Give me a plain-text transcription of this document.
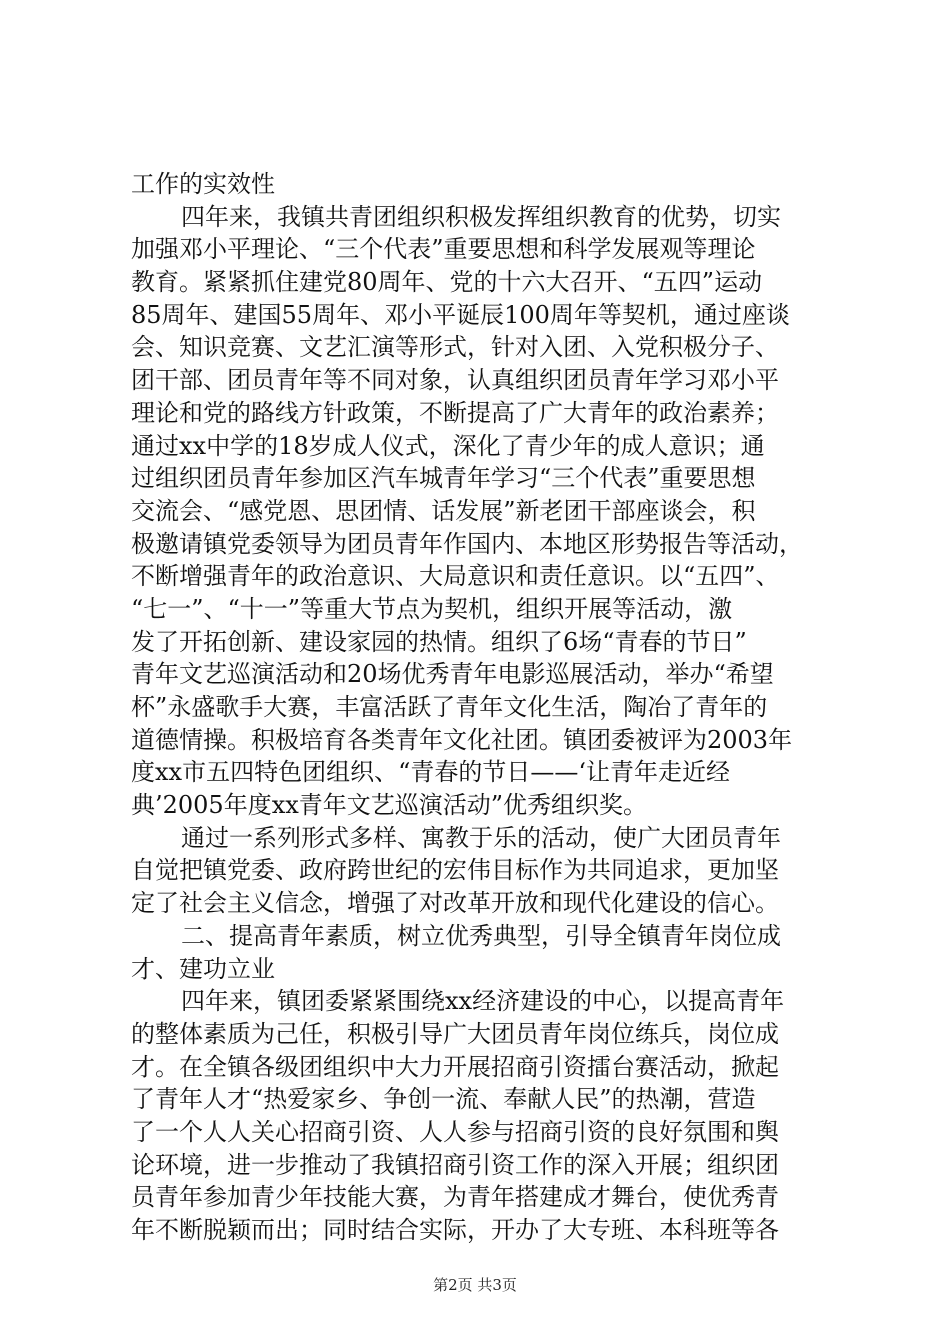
工作的实效性
四年来，我镇共青团组织积极发挥组织教育的优势，切实
加强邓小平理论、“三个代表”重要思想和科学发展观等理论
教育。紧紧抓住建党80周年、党的十六大召开、“五四”运动
85周年、建国55周年、邓小平诞辰100周年等契机，通过座谈
会、知识竞赛、文艺汇演等形式，针对入团、入党积极分子、
团干部、团员青年等不同对象，认真组织团员青年学习邓小平
理论和党的路线方针政策，不断提高了广大青年的政治素养；
通过xx中学的18岁成人仪式，深化了青少年的成人意识；通
过组织团员青年参加区汽车城青年学习“三个代表”重要思想
交流会、“感党恩、思团情、话发展”新老团干部座谈会，积
极邀请镇党委领导为团员青年作国内、本地区形势报告等活动，
不断增强青年的政治意识、大局意识和责任意识。以“五四”、
“七一”、“十一”等重大节点为契机，组织开展等活动，激
发了开拓创新、建设家园的热情。组织了6场“青春的节日”
青年文艺巡演活动和20场优秀青年电影巡展活动，举办“希望
杯”永盛歌手大赛，丰富活跃了青年文化生活，陶冶了青年的
道德情操。积极培育各类青年文化社团。镇团委被评为2003年
度xx市五四特色团组织、“青春的节日——‘让青年走近经
典’2005年度xx青年文艺巡演活动”优秀组织奖。
通过一系列形式多样、寓教于乐的活动，使广大团员青年
自觉把镇党委、政府跨世纪的宏伟目标作为共同追求，更加坚
定了社会主义信念，增强了对改革开放和现代化建设的信心。
二、提高青年素质，树立优秀典型，引导全镇青年岗位成
才、建功立业
四年来，镇团委紧紧围绕xx经济建设的中心，以提高青年
的整体素质为己任，积极引导广大团员青年岗位练兵，岗位成
才。在全镇各级团组织中大力开展招商引资擂台赛活动，掀起
了青年人才“热爱家乡、争创一流、奉献人民”的热潮，营造
了一个人人关心招商引资、人人参与招商引资的良好氛围和舆
论环境，进一步推动了我镇招商引资工作的深入开展；组织团
员青年参加青少年技能大赛，为青年搭建成才舞台，使优秀青
年不断脱颖而出；同时结合实际，开办了大专班、本科班等各
第2页 共3页
